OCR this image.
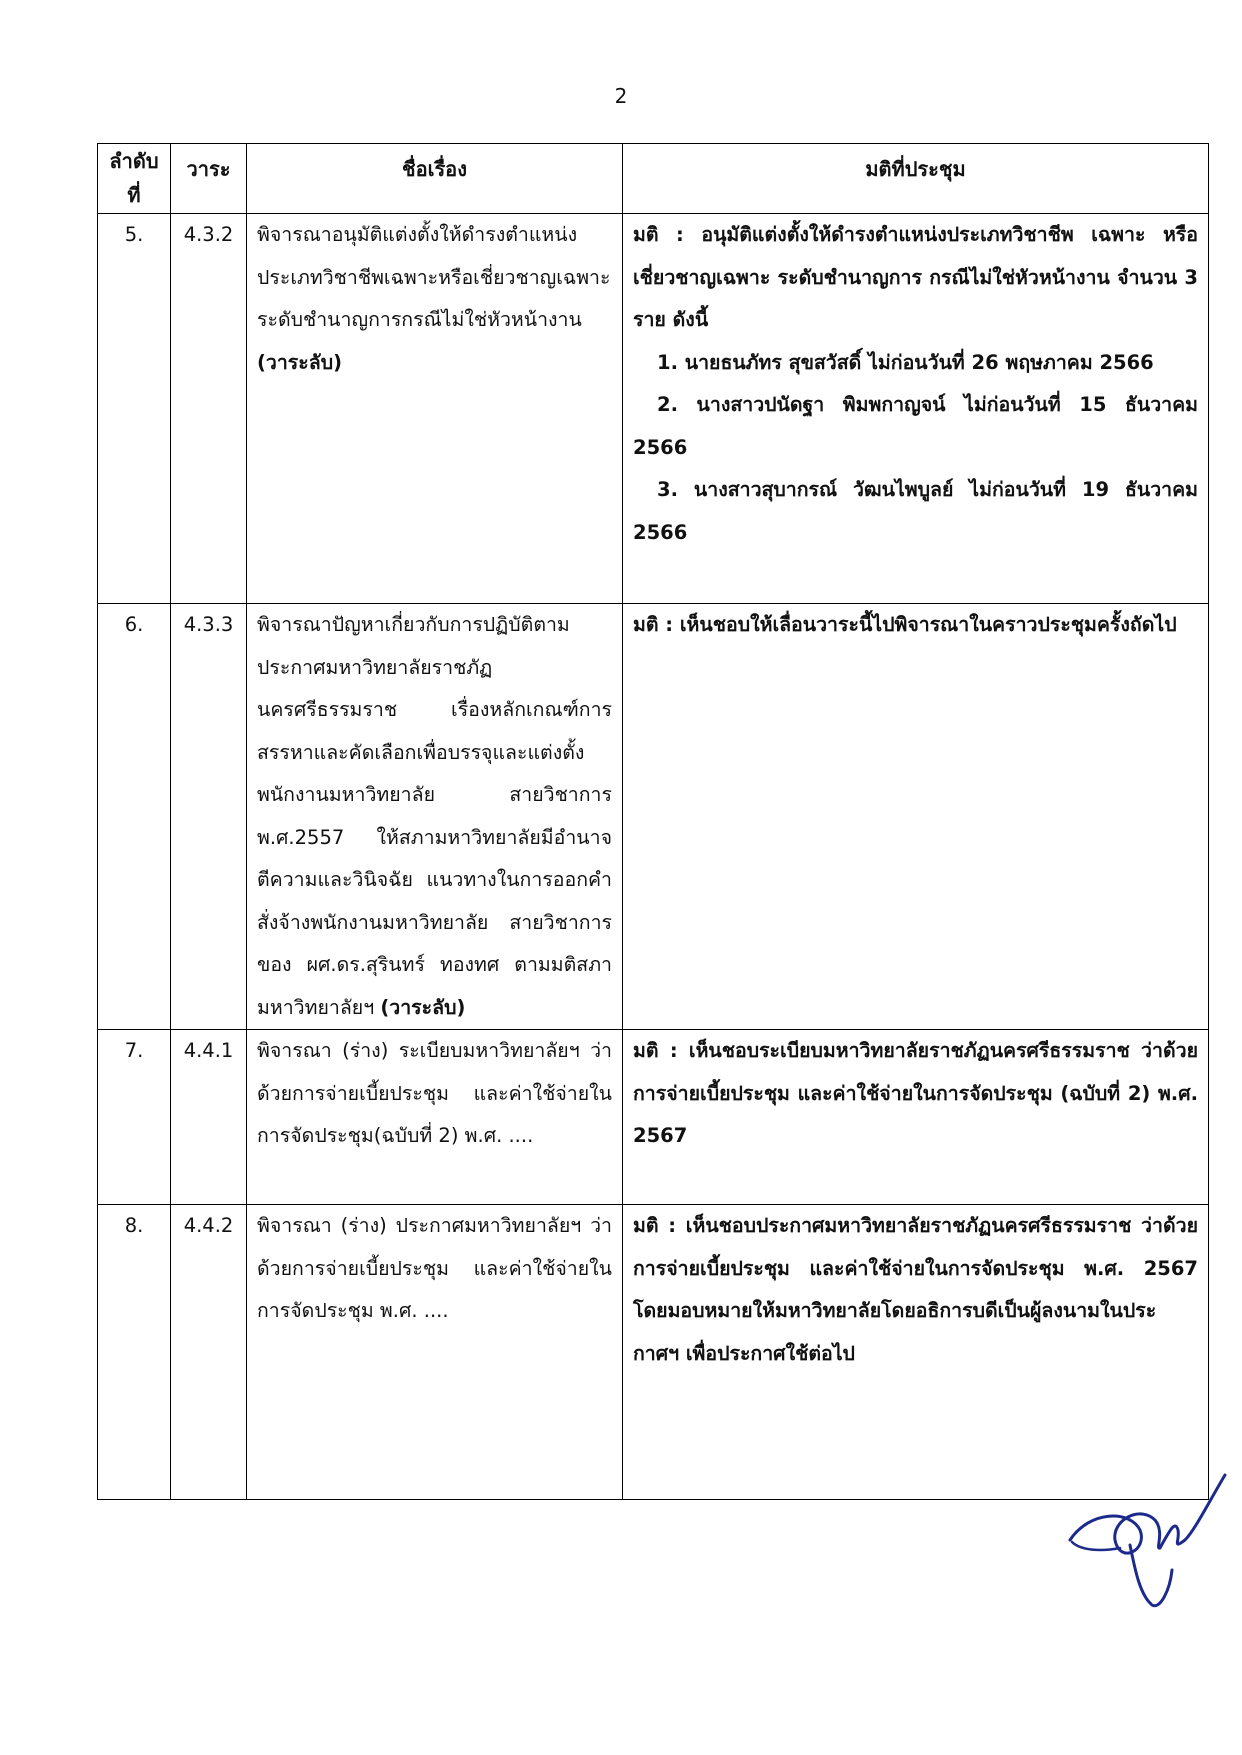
2
ลำดับที่	วาระ	ชื่อเรื่อง	มติที่ประชุม
5.	4.3.2	พิจารณาอนุมัติแต่งตั้งให้ดำรงตำแหน่งประเภทวิชาชีพเฉพาะหรือเชี่ยวชาญเฉพาะ ระดับชำนาญการกรณีไม่ใช่หัวหน้างาน (วาระลับ)	มติ : อนุมัติแต่งตั้งให้ดำรงตำแหน่งประเภทวิชาชีพ เฉพาะ หรือเชี่ยวชาญเฉพาะ ระดับชำนาญการ กรณีไม่ใช่หัวหน้างาน จำนวน 3 ราย ดังนี้
1. นายธนภัทร สุขสวัสดิ์ ไม่ก่อนวันที่ 26 พฤษภาคม 2566
2. นางสาวปนัดฐา พิมพกาญจน์ ไม่ก่อนวันที่ 15 ธันวาคม 2566
3. นางสาวสุบากรณ์ วัฒนไพบูลย์ ไม่ก่อนวันที่ 19 ธันวาคม 2566

6.	4.3.3	พิจารณาปัญหาเกี่ยวกับการปฏิบัติตามประกาศมหาวิทยาลัยราชภัฏนครศรีธรรมราช เรื่องหลักเกณฑ์การสรรหาและคัดเลือกเพื่อบรรจุและแต่งตั้งพนักงานมหาวิทยาลัย สายวิชาการ พ.ศ.2557 ให้สภามหาวิทยาลัยมีอำนาจตีความและวินิจฉัย แนวทางในการออกคำสั่งจ้างพนักงานมหาวิทยาลัย สายวิชาการ ของ ผศ.ดร.สุรินทร์ ทองทศ ตามมติสภามหาวิทยาลัยฯ (วาระลับ)	มติ : เห็นชอบให้เลื่อนวาระนี้ไปพิจารณาในคราวประชุมครั้งถัดไป
7.	4.4.1	พิจารณา (ร่าง) ระเบียบมหาวิทยาลัยฯ ว่าด้วยการจ่ายเบี้ยประชุม และค่าใช้จ่ายในการจัดประชุม(ฉบับที่ 2) พ.ศ. ....	มติ : เห็นชอบระเบียบมหาวิทยาลัยราชภัฏนครศรีธรรมราช ว่าด้วยการจ่ายเบี้ยประชุม และค่าใช้จ่ายในการจัดประชุม (ฉบับที่ 2) พ.ศ. 2567
8.	4.4.2	พิจารณา (ร่าง) ประกาศมหาวิทยาลัยฯ ว่าด้วยการจ่ายเบี้ยประชุม และค่าใช้จ่ายในการจัดประชุม พ.ศ. ....	มติ : เห็นชอบประกาศมหาวิทยาลัยราชภัฏนครศรีธรรมราช ว่าด้วยการจ่ายเบี้ยประชุม และค่าใช้จ่ายในการจัดประชุม พ.ศ. 2567 โดยมอบหมายให้มหาวิทยาลัยโดยอธิการบดีเป็นผู้ลงนามในประกาศฯ เพื่อประกาศใช้ต่อไป
